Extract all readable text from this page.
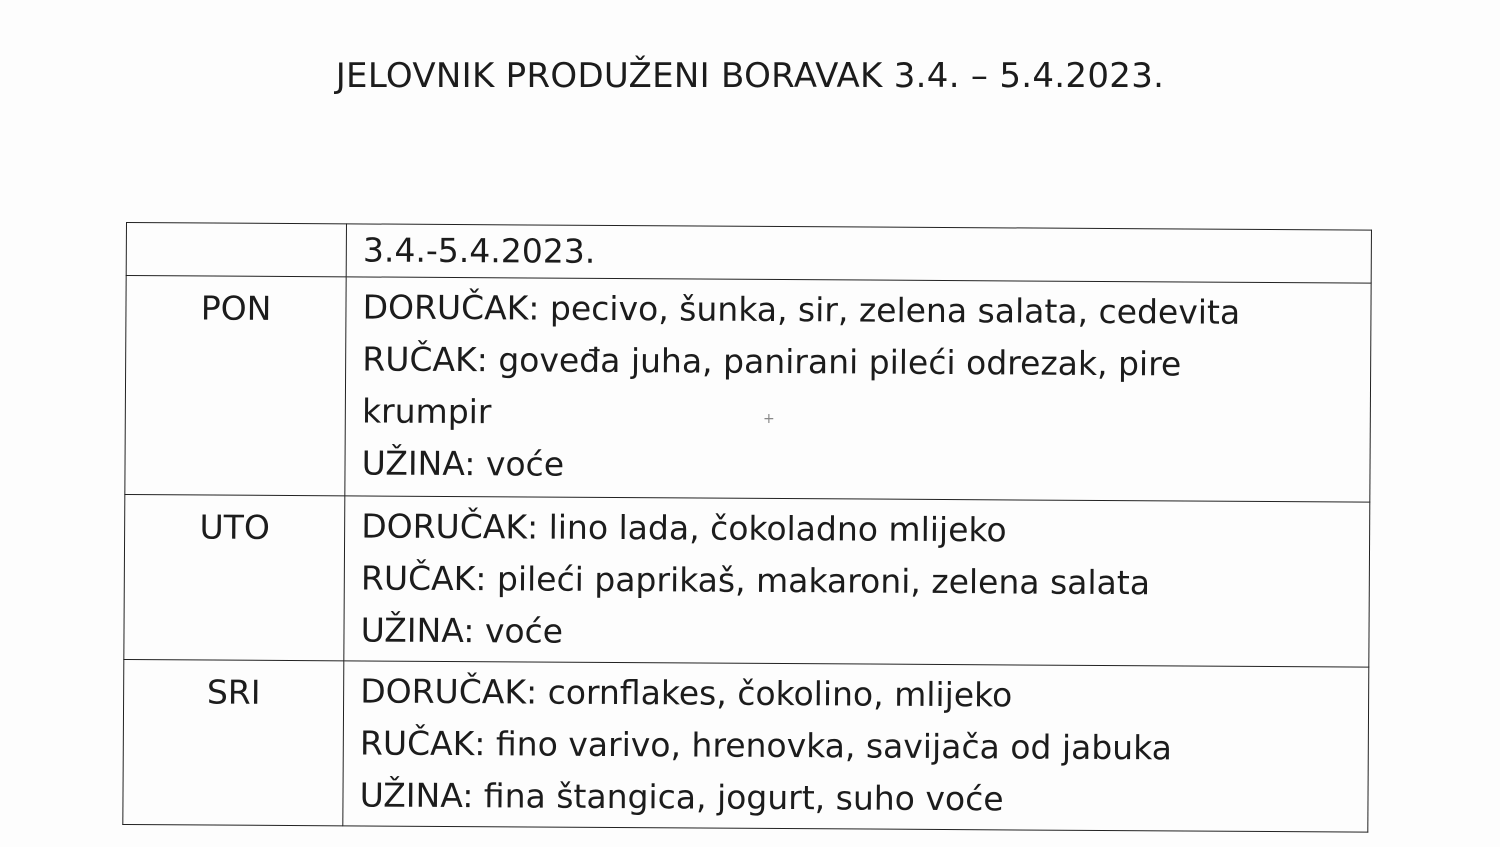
JELOVNIK PRODUŽENI BORAVAK 3.4. – 5.4.2023.
	3.4.-5.4.2023.
PON	DORUČAK: pecivo, šunka, sir, zelena salata, cedevita
RUČAK: goveđa juha, panirani pileći odrezak, pire krumpir
UŽINA: voće

UTO	DORUČAK: lino lada, čokoladno mlijeko
RUČAK: pileći paprikaš, makaroni, zelena salata
UŽINA: voće

SRI	DORUČAK: cornflakes, čokolino, mlijeko
RUČAK: fino varivo, hrenovka, savijača od jabuka
UŽINA: fina štangica, jogurt, suho voće
+
